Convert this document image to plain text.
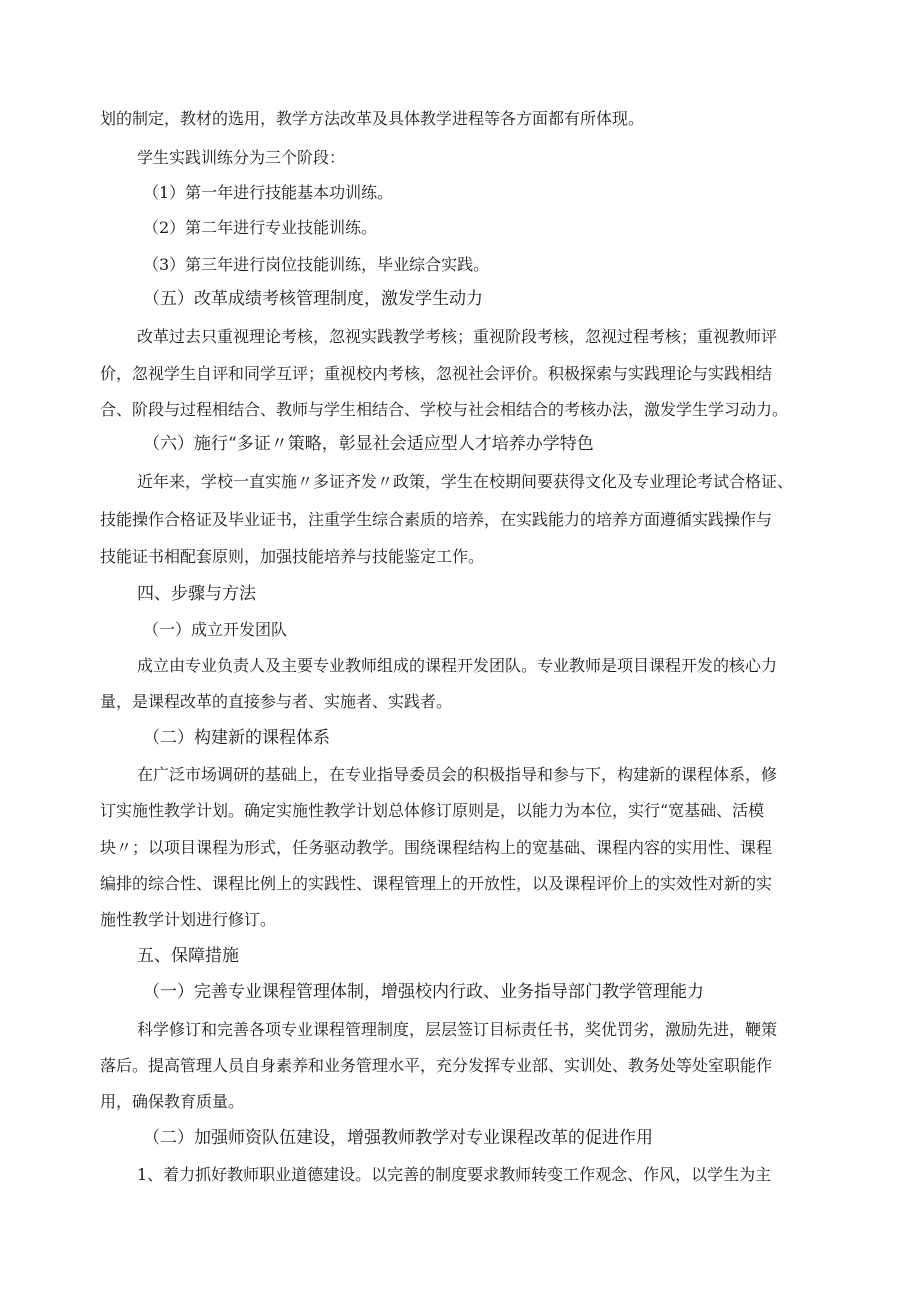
划的制定，教材的选用，教学方法改革及具体教学进程等各方面都有所体现。
学生实践训练分为三个阶段：
（1）第一年进行技能基本功训练。
（2）第二年进行专业技能训练。
（3）第三年进行岗位技能训练，毕业综合实践。
（五）改革成绩考核管理制度，激发学生动力
改革过去只重视理论考核，忽视实践教学考核；重视阶段考核，忽视过程考核；重视教师评
价，忽视学生自评和同学互评；重视校内考核，忽视社会评价。积极探索与实践理论与实践相结
合、阶段与过程相结合、教师与学生相结合、学校与社会相结合的考核办法，激发学生学习动力。
（六）施行“多证〃策略，彰显社会适应型人才培养办学特色
近年来，学校一直实施〃多证齐发〃政策，学生在校期间要获得文化及专业理论考试合格证、
技能操作合格证及毕业证书，注重学生综合素质的培养，在实践能力的培养方面遵循实践操作与
技能证书相配套原则，加强技能培养与技能鉴定工作。
四、步骤与方法
（一）成立开发团队
成立由专业负责人及主要专业教师组成的课程开发团队。专业教师是项目课程开发的核心力
量，是课程改革的直接参与者、实施者、实践者。
（二）构建新的课程体系
在广泛市场调研的基础上，在专业指导委员会的积极指导和参与下，构建新的课程体系，修
订实施性教学计划。确定实施性教学计划总体修订原则是，以能力为本位，实行“宽基础、活模
块〃；以项目课程为形式，任务驱动教学。围绕课程结构上的宽基础、课程内容的实用性、课程
编排的综合性、课程比例上的实践性、课程管理上的开放性，以及课程评价上的实效性对新的实
施性教学计划进行修订。
五、保障措施
（一）完善专业课程管理体制，增强校内行政、业务指导部门教学管理能力
科学修订和完善各项专业课程管理制度，层层签订目标责任书，奖优罚劣，激励先进，鞭策
落后。提高管理人员自身素养和业务管理水平，充分发挥专业部、实训处、教务处等处室职能作
用，确保教育质量。
（二）加强师资队伍建设，增强教师教学对专业课程改革的促进作用
1、着力抓好教师职业道德建设。以完善的制度要求教师转变工作观念、作风，以学生为主
